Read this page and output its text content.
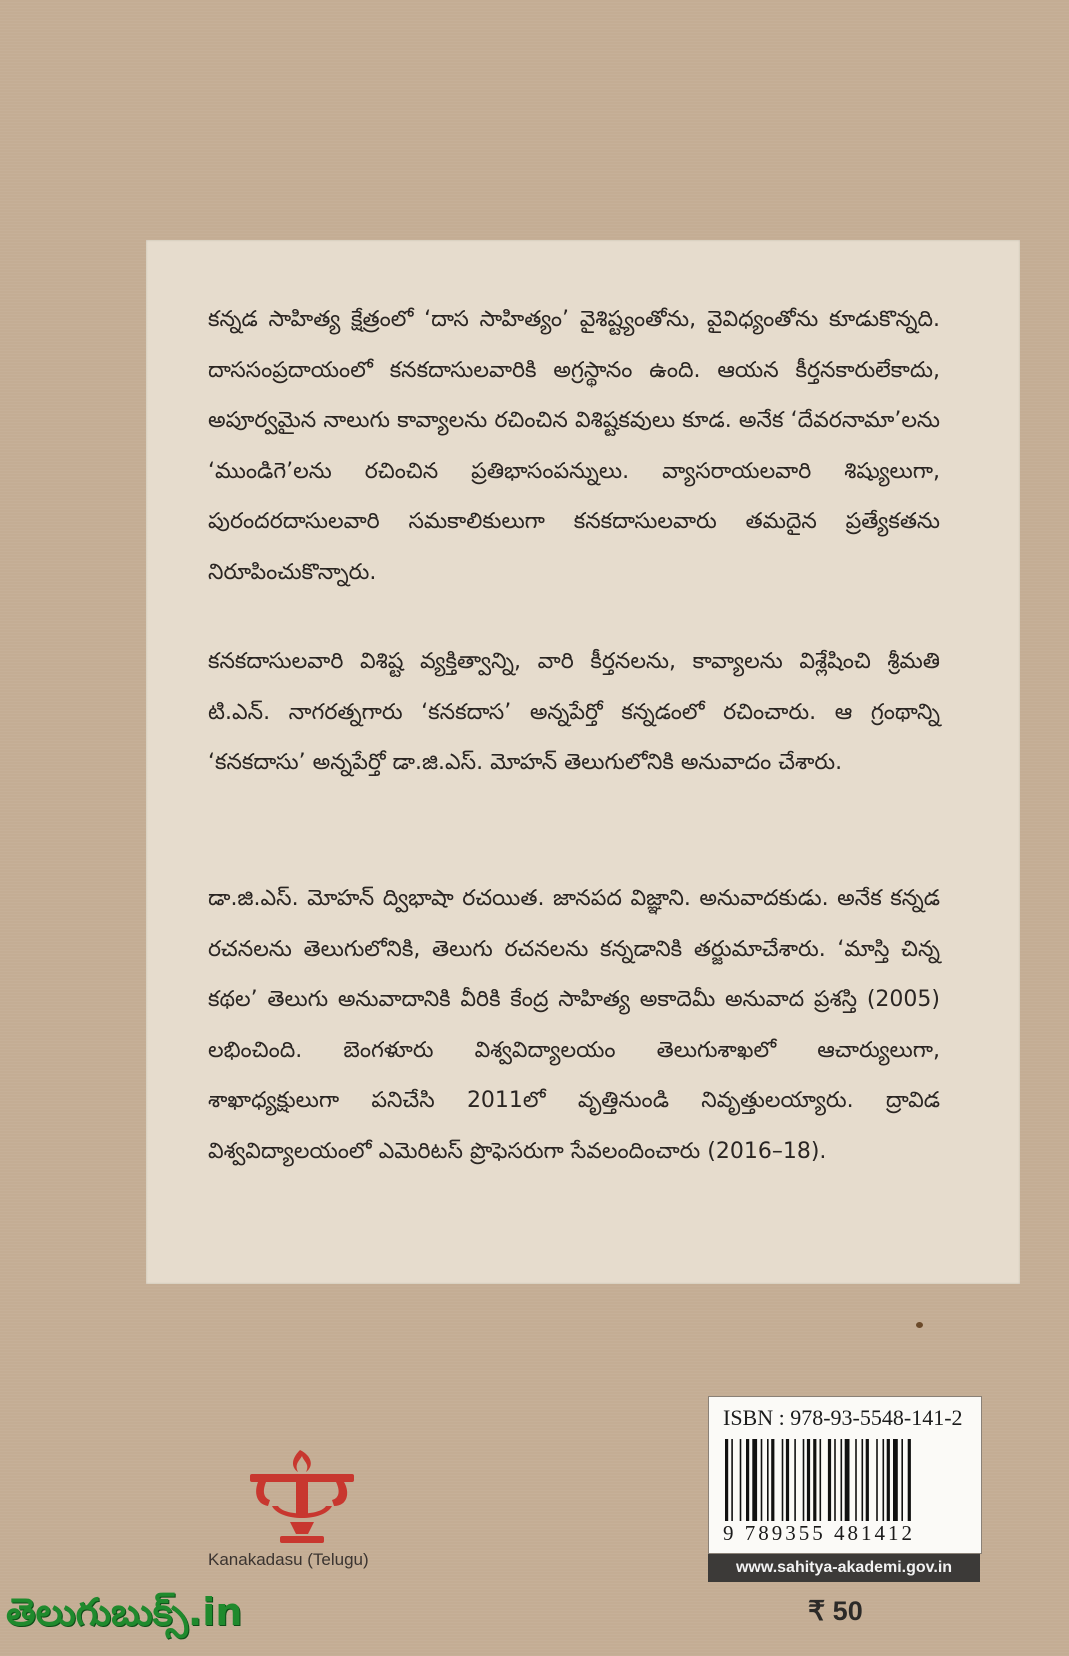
కన్నడ సాహిత్య క్షేత్రంలో ‘దాస సాహిత్యం’ వైశిష్ట్యంతోను, వైవిధ్యంతోను కూడుకొన్నది. దాససంప్రదాయంలో కనకదాసులవారికి అగ్రస్థానం ఉంది. ఆయన కీర్తనకారులేకాదు, అపూర్వమైన నాలుగు కావ్యాలను రచించిన విశిష్టకవులు కూడ. అనేక ‘దేవరనామా’లను ‘ముండిగె’లను రచించిన ప్రతిభాసంపన్నులు. వ్యాసరాయలవారి శిష్యులుగా, పురందరదాసులవారి సమకాలికులుగా కనకదాసులవారు తమదైన ప్రత్యేకతను నిరూపించుకొన్నారు.

కనకదాసులవారి విశిష్ట వ్యక్తిత్వాన్ని, వారి కీర్తనలను, కావ్యాలను విశ్లేషించి శ్రీమతి టి.ఎన్. నాగరత్నగారు ‘కనకదాస’ అన్నపేర్తో కన్నడంలో రచించారు. ఆ గ్రంథాన్ని ‘కనకదాసు’ అన్నపేర్తో డా.జి.ఎస్. మోహన్ తెలుగులోనికి అనువాదం చేశారు.

డా.జి.ఎస్. మోహన్ ద్విభాషా రచయిత. జానపద విజ్ఞాని. అనువాదకుడు. అనేక కన్నడ రచనలను తెలుగులోనికి, తెలుగు రచనలను కన్నడానికి తర్జుమాచేశారు. ‘మాస్తి చిన్న కథల’ తెలుగు అనువాదానికి వీరికి కేంద్ర సాహిత్య అకాదెమీ అనువాద ప్రశస్తి (2005) లభించింది. బెంగళూరు విశ్వవిద్యాలయం తెలుగుశాఖలో ఆచార్యులుగా, శాఖాధ్యక్షులుగా పనిచేసి 2011లో వృత్తినుండి నివృత్తులయ్యారు. ద్రావిడ విశ్వవిద్యాలయంలో ఎమెరిటస్ ప్రొఫెసరుగా సేవలందించారు (2016–18).

Kanakadasu (Telugu)
ISBN : 978-93-5548-141-2
9 789355 481412
www.sahitya-akademi.gov.in
₹ 50
తెలుగుబుక్స్.in
